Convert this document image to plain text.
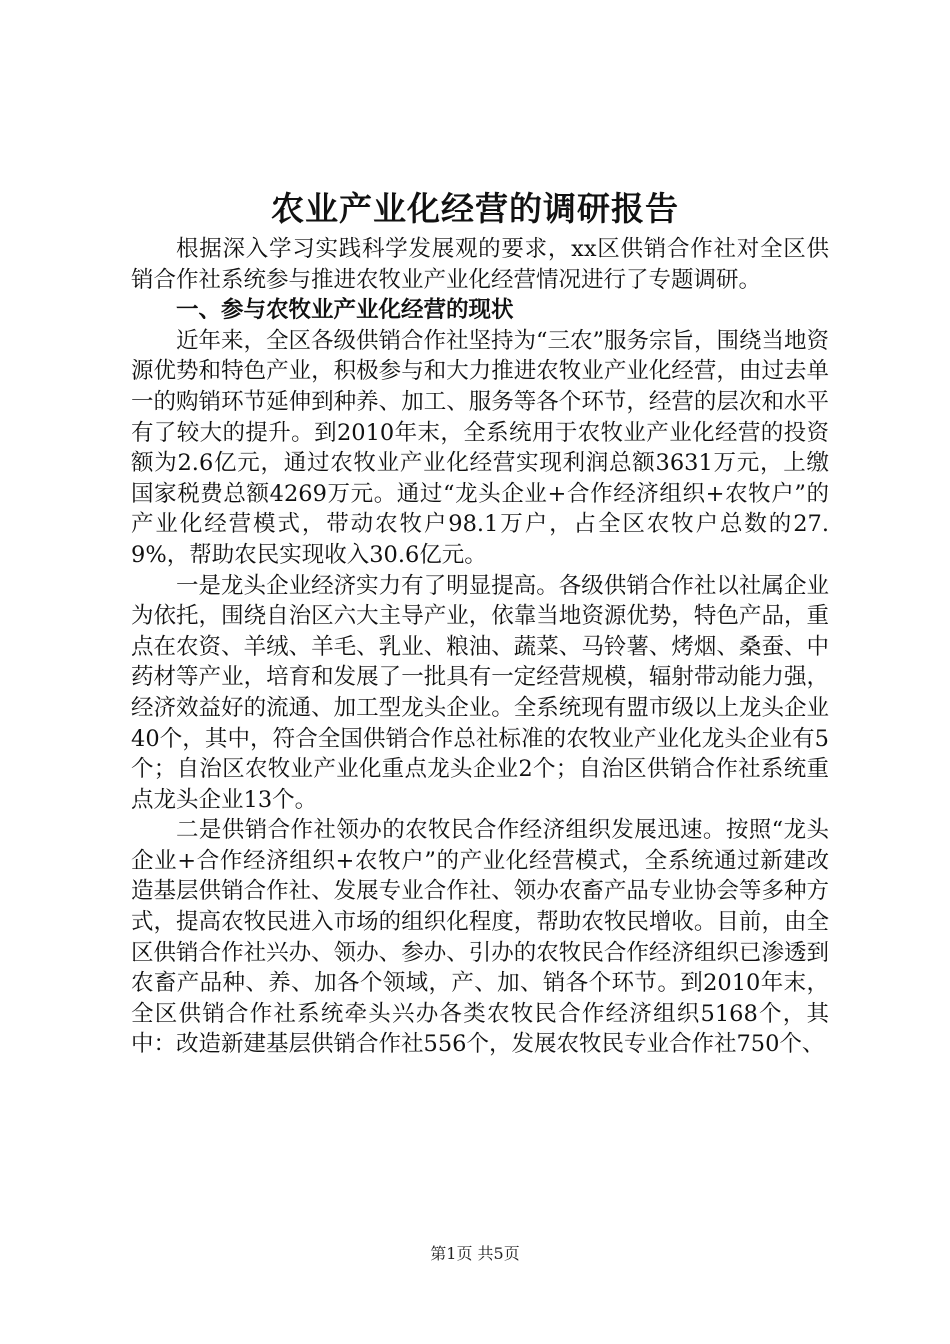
农业产业化经营的调研报告

根据深入学习实践科学发展观的要求，xx区供销合作社对全区供销合作社系统参与推进农牧业产业化经营情况进行了专题调研。

一、参与农牧业产业化经营的现状

近年来，全区各级供销合作社坚持为“三农”服务宗旨，围绕当地资源优势和特色产业，积极参与和大力推进农牧业产业化经营，由过去单一的购销环节延伸到种养、加工、服务等各个环节，经营的层次和水平有了较大的提升。到2010年末，全系统用于农牧业产业化经营的投资额为2.6亿元，通过农牧业产业化经营实现利润总额3631万元，上缴国家税费总额4269万元。通过“龙头企业+合作经济组织+农牧户”的产业化经营模式，带动农牧户98.1万户，占全区农牧户总数的27.9%，帮助农民实现收入30.6亿元。

一是龙头企业经济实力有了明显提高。各级供销合作社以社属企业为依托，围绕自治区六大主导产业，依靠当地资源优势，特色产品，重点在农资、羊绒、羊毛、乳业、粮油、蔬菜、马铃薯、烤烟、桑蚕、中药材等产业，培育和发展了一批具有一定经营规模，辐射带动能力强，经济效益好的流通、加工型龙头企业。全系统现有盟市级以上龙头企业40个，其中，符合全国供销合作总社标准的农牧业产业化龙头企业有5个；自治区农牧业产业化重点龙头企业2个；自治区供销合作社系统重点龙头企业13个。

二是供销合作社领办的农牧民合作经济组织发展迅速。按照“龙头企业+合作经济组织+农牧户”的产业化经营模式，全系统通过新建改造基层供销合作社、发展专业合作社、领办农畜产品专业协会等多种方式，提高农牧民进入市场的组织化程度，帮助农牧民增收。目前，由全区供销合作社兴办、领办、参办、引办的农牧民合作经济组织已渗透到农畜产品种、养、加各个领域，产、加、销各个环节。到2010年末，全区供销合作社系统牵头兴办各类农牧民合作经济组织5168个，其中：改造新建基层供销合作社556个，发展农牧民专业合作社750个、

第1页 共5页
